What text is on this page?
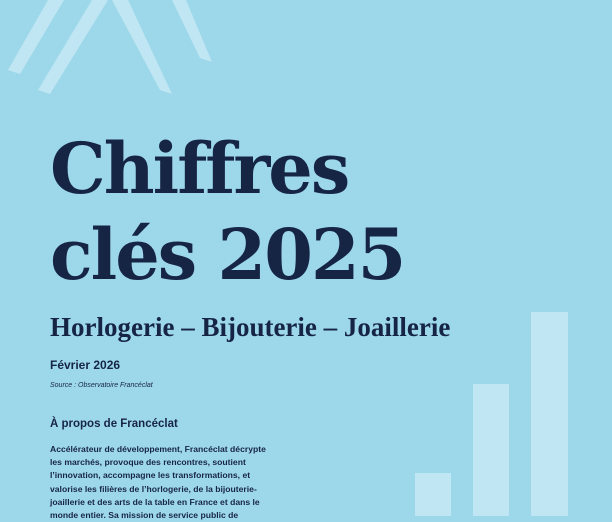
Chiffres
clés 2025
Horlogerie – Bijouterie – Joaillerie
Février 2026
Source : Observatoire Francéclat
À propos de Francéclat

Accélérateur de développement, Francéclat décrypte les marchés, provoque des rencontres, soutient l’innovation, accompagne les transformations, et valorise les filières de l’horlogerie, de la bijouterie-joaillerie et des arts de la table en France et dans le monde entier. Sa mission de service public de
